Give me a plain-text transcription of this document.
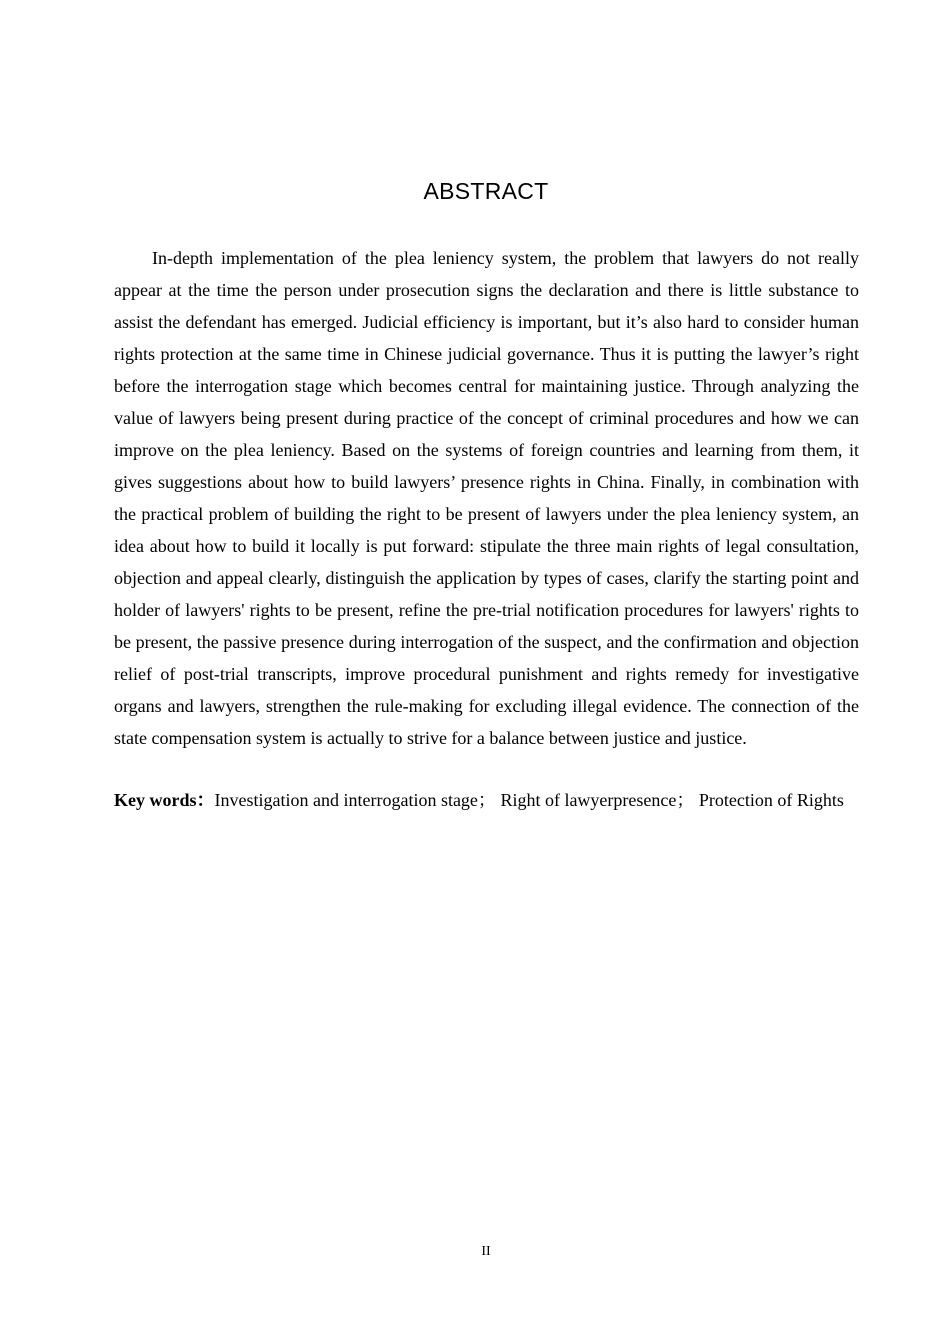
ABSTRACT

In-depth implementation of the plea leniency system, the problem that lawyers do not really appear at the time the person under prosecution signs the declaration and there is little substance to assist the defendant has emerged. Judicial efficiency is important, but it’s also hard to consider human rights protection at the same time in Chinese judicial governance. Thus it is putting the lawyer’s right before the interrogation stage which becomes central for maintaining justice. Through analyzing the value of lawyers being present during practice of the concept of criminal procedures and how we can improve on the plea leniency. Based on the systems of foreign countries and learning from them, it gives suggestions about how to build lawyers’ presence rights in China. Finally, in combination with the practical problem of building the right to be present of lawyers under the plea leniency system, an idea about how to build it locally is put forward: stipulate the three main rights of legal consultation, objection and appeal clearly, distinguish the application by types of cases, clarify the starting point and holder of lawyers' rights to be present, refine the pre-trial notification procedures for lawyers' rights to be present, the passive presence during interrogation of the suspect, and the confirmation and objection relief of post-trial transcripts, improve procedural punishment and rights remedy for investigative organs and lawyers, strengthen the rule-making for excluding illegal evidence. The connection of the state compensation system is actually to strive for a balance between justice and justice.

Key words：Investigation and interrogation stage； Right of lawyerpresence； Protection of Rights

II
